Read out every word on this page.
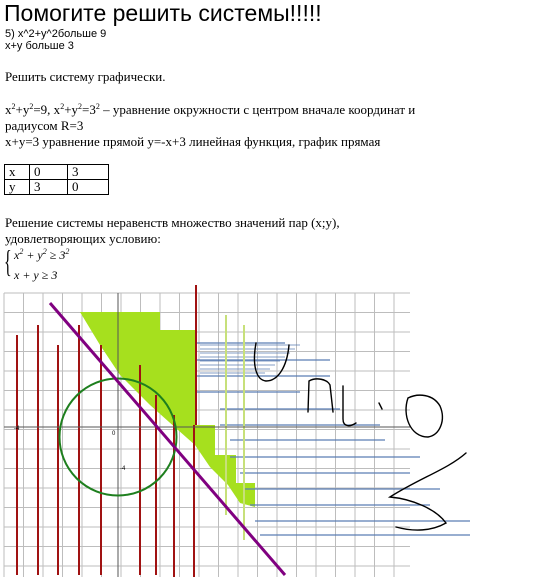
Помогите решить системы!!!!!
5) x^2+y^2больше 9
x+y больше 3
Решить систему графически.
$x^2+y^2=9$, $x^2+y^2=3^2$ – уравнение окружности с центром вначале координат и
радиусом R=3
x+y=3 уравнение прямой y=-x+3 линейная функция, график прямая
x	0	3
y	3	0
Решение системы неравенств множество значений пар (x;y),
удовлетворяющих условию:
{ $x^2 + y^2 \ge 3^2$
x + y ≥ 3
-4
-4
0
